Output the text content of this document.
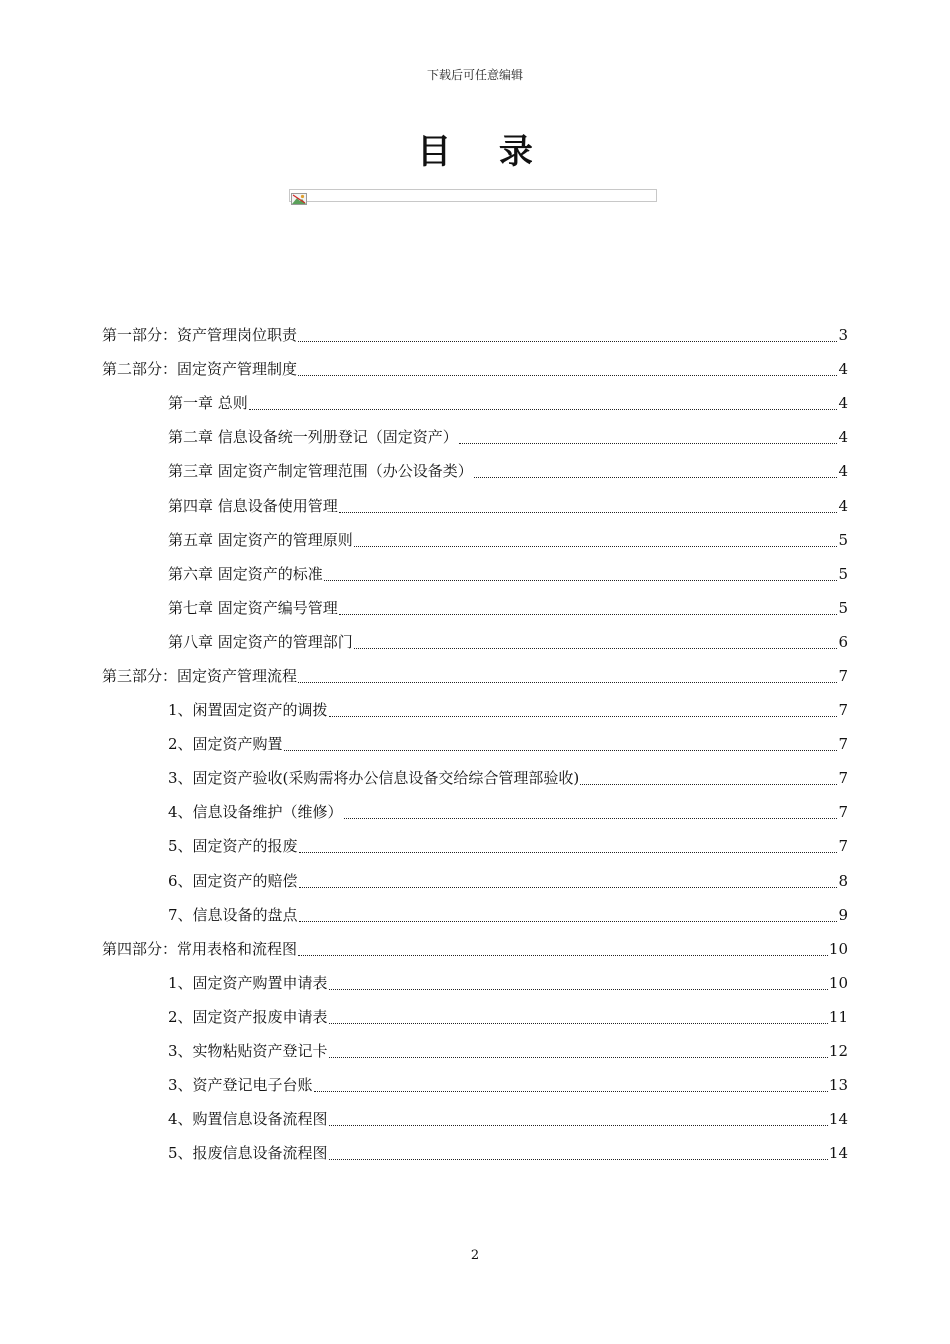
下载后可任意编辑
目 录
第一部分：资产管理岗位职责	3
第二部分：固定资产管理制度	4
第一章 总则	4
第二章 信息设备统一列册登记（固定资产）	4
第三章 固定资产制定管理范围（办公设备类）	4
第四章 信息设备使用管理	4
第五章 固定资产的管理原则	5
第六章 固定资产的标准	5
第七章 固定资产编号管理	5
第八章 固定资产的管理部门	6
第三部分：固定资产管理流程	7
1、闲置固定资产的调拨	7
2、固定资产购置	7
3、固定资产验收(采购需将办公信息设备交给综合管理部验收)	7
4、信息设备维护（维修）	7
5、固定资产的报废	7
6、固定资产的赔偿	8
7、信息设备的盘点	9
第四部分：常用表格和流程图	10
1、固定资产购置申请表	10
2、固定资产报废申请表	11
3、实物粘贴资产登记卡	12
3、资产登记电子台账	13
4、购置信息设备流程图	14
5、报废信息设备流程图	14
2
